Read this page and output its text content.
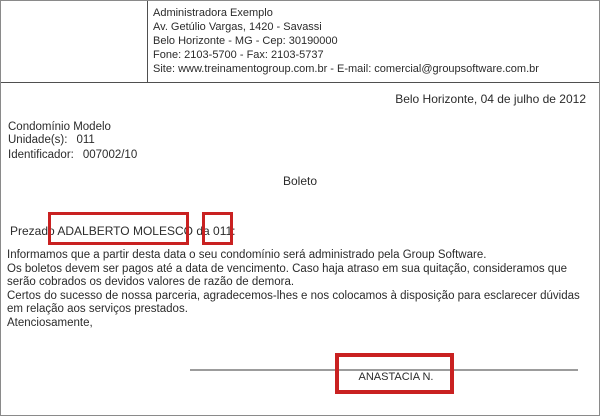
Administradora Exemplo
Av. Getúlio Vargas, 1420 - Savassi
Belo Horizonte - MG - Cep: 30190000
Fone: 2103-5700 - Fax: 2103-5737
Site: www.treinamentogroup.com.br - E-mail: comercial@groupsoftware.com.br
Belo Horizonte, 04 de julho de 2012
Condomínio Modelo
Unidade(s): 011
Identificador: 007002/10
Boleto
Prezado ADALBERTO MOLESCO da 011:
Informamos que a partir desta data o seu condomínio será administrado pela Group Software.
Os boletos devem ser pagos até a data de vencimento. Caso haja atraso em sua quitação, consideramos que
serão cobrados os devidos valores de razão de demora.
Certos do sucesso de nossa parceria, agradecemos-lhes e nos colocamos à disposição para esclarecer dúvidas
em relação aos serviços prestados.
Atenciosamente,
ANASTACIA N.
